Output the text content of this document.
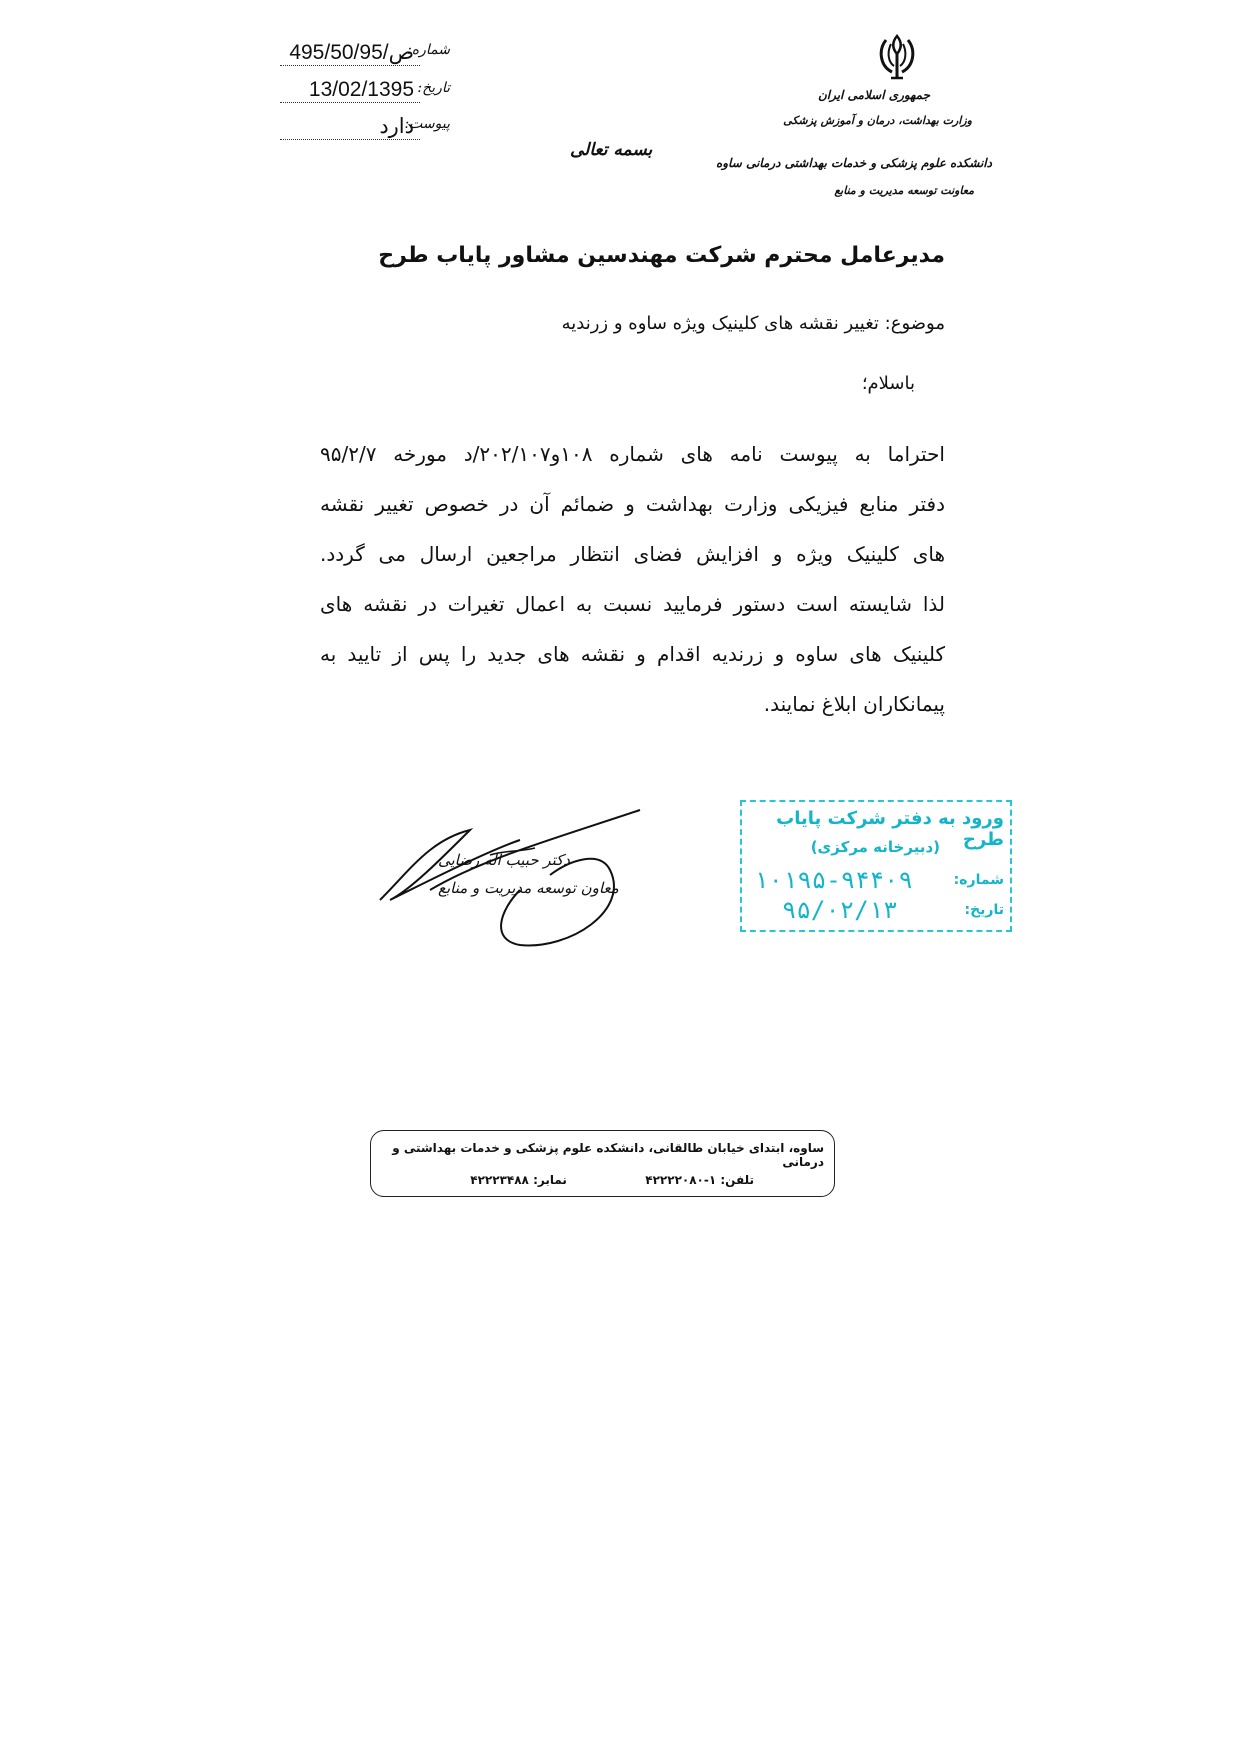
495/50/ص/95
شماره:
13/02/1395 تاریخ:
دارد
پیوست:
جمهوری اسلامی ایران
وزارت بهداشت، درمان و آموزش پزشکی
دانشکده علوم پزشکی و خدمات بهداشتی درمانی ساوه
معاونت توسعه مدیریت و منابع
بسمه تعالی
مدیرعامل محترم شرکت مهندسین مشاور پایاب طرح
موضوع: تغییر نقشه های کلینیک ویژه ساوه و زرندیه
باسلام؛
احتراما به پیوست نامه های شماره ۱۰۸و۲۰۲/۱۰۷/د مورخه ۹۵/۲/۷
دفتر منابع فیزیکی وزارت بهداشت و ضمائم آن در خصوص تغییر نقشه
های کلینیک ویژه و افزایش فضای انتظار مراجعین ارسال می گردد.
لذا شایسته است دستور فرمایید نسبت به اعمال تغیرات در نقشه های
کلینیک های ساوه و زرندیه اقدام و نقشه های جدید را پس از تایید به
پیمانکاران ابلاغ نمایند.
دکتر حبیب اله رضایی
معاون توسعه مدیریت و منابع
ورود به دفتر شرکت پایاب طرح
(دبیرخانه مرکزی)
شماره:
۱۰۱۹۵-۹۴۴۰۹
تاریخ:
۹۵/۰۲/۱۳
ساوه، ابتدای خیابان طالقانی، دانشکده علوم پزشکی و خدمات بهداشتی و درمانی
تلفن: ۱-۴۲۲۲۲۰۸۰  نمابر: ۴۲۲۲۳۴۸۸
